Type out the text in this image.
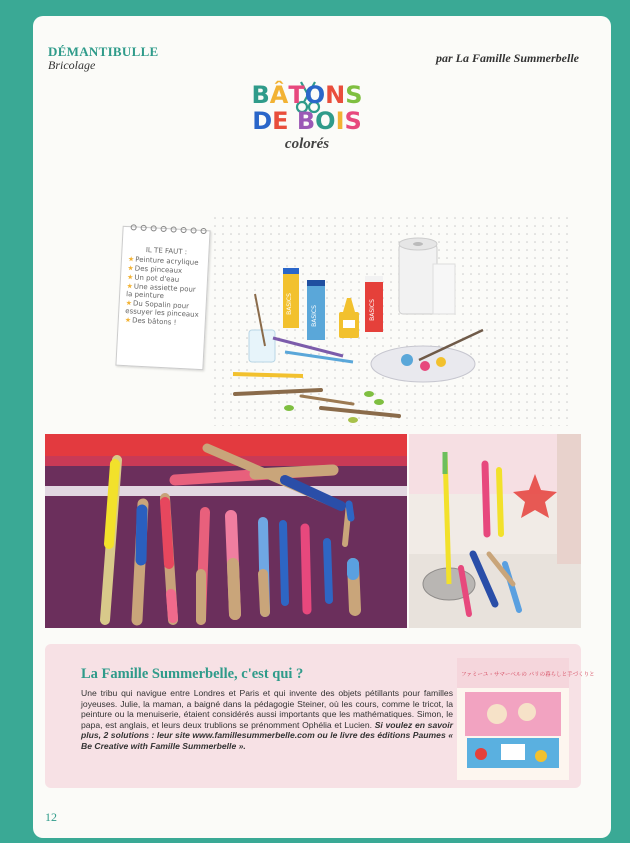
DÉMANTIBULLE
Bricolage	par La Famille Summerbelle
BÂTONS
DE BOIS
colorés
IL TE FAUT :
★ Peinture acrylique
★ Des pinceaux
★ Un pot d'eau
★ Une assiette pour la peinture
★ Du Sopalin pour essuyer les pinceaux
★ Des bâtons !
BASICS
BASICS	BASICS
La Famille Summerbelle, c'est qui ?
Une tribu qui navigue entre Londres et Paris et qui invente des objets pétillants pour familles joyeuses. Julie, la maman, a baigné dans la pédagogie Steiner, où les cours, comme le tricot, la peinture ou la menuiserie, étaient considérés aussi importants que les mathématiques. Simon, le papa, est anglais, et leurs deux trublions se prénomment Ophélia et Lucien. Si voulez en savoir plus, 2 solutions : leur site www.famillesummerbelle.com ou le livre des éditions Paumes « Be Creative with Famille Summerbelle ».
ファミーユ・サマーベルの パリの暮らしと手づくりと
12
